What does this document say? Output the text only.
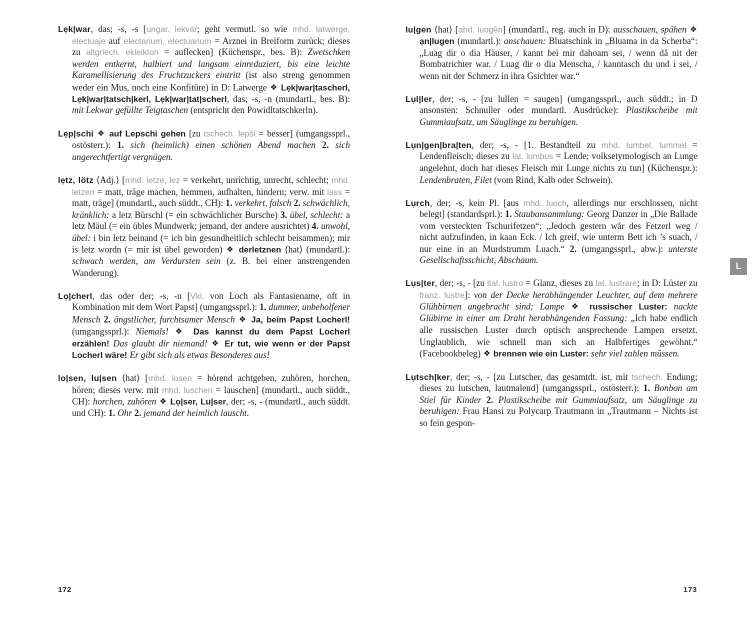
Lẹk|war, das; -s, -s [ungar. lekvár; geht vermutl. so wie mhd. latwerge, electuaje auf electarium, electuarium = Arznei in Breiform zurück; dieses zu altgriech. ekleikton = auflecken] (Küchenspr., bes. B): Zwetschken werden entkernt, halbiert und langsam einreduziert, bis eine leichte Karamellisierung des Fruchtzuckers eintritt (ist also streng genommen weder ein Mus, noch eine Konfitüre) in D: Latwerge ❖ Lẹk|war|tascherl, Lẹk|war|tatsch|kerl, Lẹk|war|tat|scherl, das; -s, -n (mundartl., bes. B): mit Lekwar gefüllte Teigtaschen (entspricht den Powidltatschkerln).

Lẹp|schi ❖ auf Lepschi gehen [zu tschech. lepši = besser] (umgangssprl., ostösterr.): 1. sich (heimlich) einen schönen Abend machen 2. sich ungerechtfertigt vergnügen.

lẹtz, lötz ⟨Adj.⟩ [mhd. letze, lez = verkehrt, unrichtig, unrecht, schlecht; mhd. letzen = matt, träge machen, hemmen, aufhalten, hindern; verw. mit lass = matt, träge] (mundartl., auch süddt., CH): 1. verkehrt, falsch 2. schwächlich, kränklich: a letz Bürschl (= ein schwächlicher Bursche) 3. übel, schlecht: a letz Mäul (= ein übles Mundwerk; jemand, der andere ausrichtet) 4. unwohl, übel: i bin letz beinand (= ich bin gesundheitlich schlecht beisammen); mir is letz wordn (= mir ist übel geworden) ❖ derletznen ⟨hat⟩ (mundartl.): schwach werden, am Verdursten sein (z. B. bei einer anstrengenden Wanderung).

Lọ|cherl, das oder der; -s, -n [Vkl. von Loch als Fantasiename, oft in Kombination mit dem Wort Papst] (umgangssprl.): 1. dummer, unbeholfener Mensch 2. ängstlicher, furchtsamer Mensch ❖ Ja, beim Papst Locherl! (umgangssprl.): Niemals! ❖ Das kannst du dem Papst Locherl erzählen! Das glaubt dir niemand! ❖ Er tut, wie wenn er der Papst Locherl wäre! Er gibt sich als etwas Besonderes aus!

lo|sen, lu|sen ⟨hat⟩ [mhd. losen = hörend achtgeben, zuhören, horchen, hören; dieses verw. mit mhd. luschen = lauschen] (mundartl., auch süddt., CH): horchen, zuhören ❖ Lọ|ser, Lu|ser, der; -s, - (mundartl., auch süddt. und CH): 1. Ohr 2. jemand der heimlich lauscht.

172

lu|gen ⟨hat⟩ [ahd. luogēn] (mundartl., reg. auch in D): ausschauen, spähen ❖ ạn|lugen (mundartl.): anschauen: Bluatschink in „Bluama in da Scherba“: „Luag dir o dia Häuser, / kannt bei mir dahoam sei, / wenn då nit der Bombatrichter war. / Luag dir o dia Menscha, / kanntasch du und i sei, / wenn nit der Schmerz in ihra Gsichter war.“

Lụl|ler, der; -s, - [zu lullen = saugen] (umgangssprl., auch süddt.; in D ansonsten: Schnuller oder mundartl. Ausdrücke): Plastikscheibe mit Gummiaufsatz, um Säuglinge zu beruhigen.

Lụn|gen|bra|ten, der; -s, - [1. Bestandteil zu mhd. lumbel, lummel = Lendenfleisch; dieses zu lat. lumbus = Lende; volksetymologisch an Lunge angelehnt, doch hat dieses Fleisch mit Lunge nichts zu tun] (Küchenspr.): Lendenbraten, Filet (vom Rind, Kalb oder Schwein).

Lụrch, der; -s, kein Pl. [aus mhd. luoch, allerdings nur erschlossen, nicht belegt] (standardsprl.): 1. Staubansammlung: Georg Danzer in „Die Ballade vom versteckten Tschurifetzen“: „Jedoch gestern wår des Fetzerl weg / nicht aufzufinden, in kaan Eck. / Ich greif, wie unterm Bett ich ’s suach, / nur eine in an Murdstrumm Luach.“ 2. (umgangssprl., abw.): unterste Gesellschaftsschicht, Abschaum.

Lụs|ter, der; -s, - [zu ital. lustro = Glanz, dieses zu lat. lustrare; in D: Lüster zu franz. lustre]: von der Decke herabhängender Leuchter, auf dem mehrere Glühbirnen angebracht sind; Lampe ❖ russischer Luster: nackte Glübirne in einer am Draht herabhängenden Fassung: „Ich habe endlich alle russischen Luster durch optisch ansprechende Lampen ersetzt. Unglaublich, wie schnell man sich an Halbfertiges gewöhnt.“ (Facebookbeleg) ❖ brennen wie ein Luster: sehr viel zahlen müssen.

Lụtsch|ker, der; -s, - [zu Lutscher, das gesamtdt. ist, mit tschech. Endung; dieses zu lutschen, lautmalend] (umgangssprl., ostösterr.): 1. Bonbon am Stiel für Kinder 2. Plastikscheibe mit Gummiaufsatz, um Säuglinge zu beruhigen: Frau Hansi zu Polycarp Trautmann in „Trautmann – Nichts ist so fein gespon-

L
173
